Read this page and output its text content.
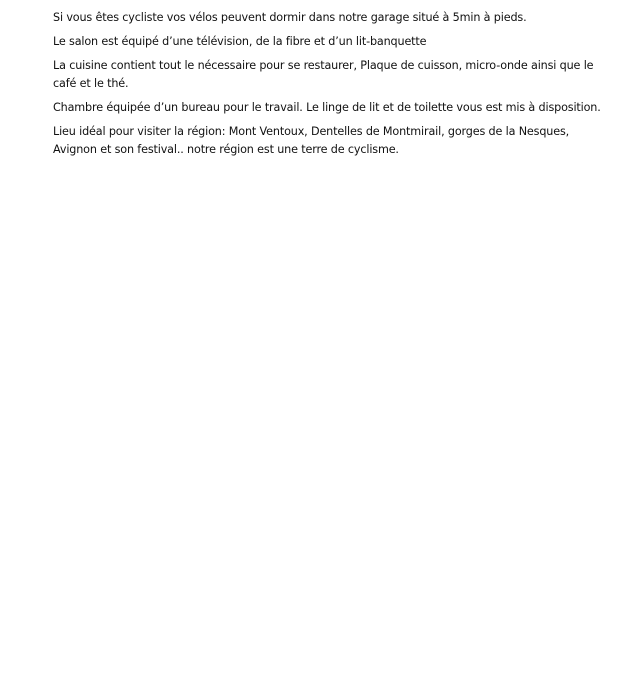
Si vous êtes cycliste vos vélos peuvent dormir dans notre garage situé à 5min à pieds.

Le salon est équipé d’une télévision, de la fibre et d’un lit-banquette

La cuisine contient tout le nécessaire pour se restaurer, Plaque de cuisson, micro-onde ainsi que le café et le thé.

Chambre équipée d’un bureau pour le travail. Le linge de lit et de toilette vous est mis à disposition.

Lieu idéal pour visiter la région: Mont Ventoux, Dentelles de Montmirail, gorges de la Nesques, Avignon et son festival.. notre région est une terre de cyclisme.
